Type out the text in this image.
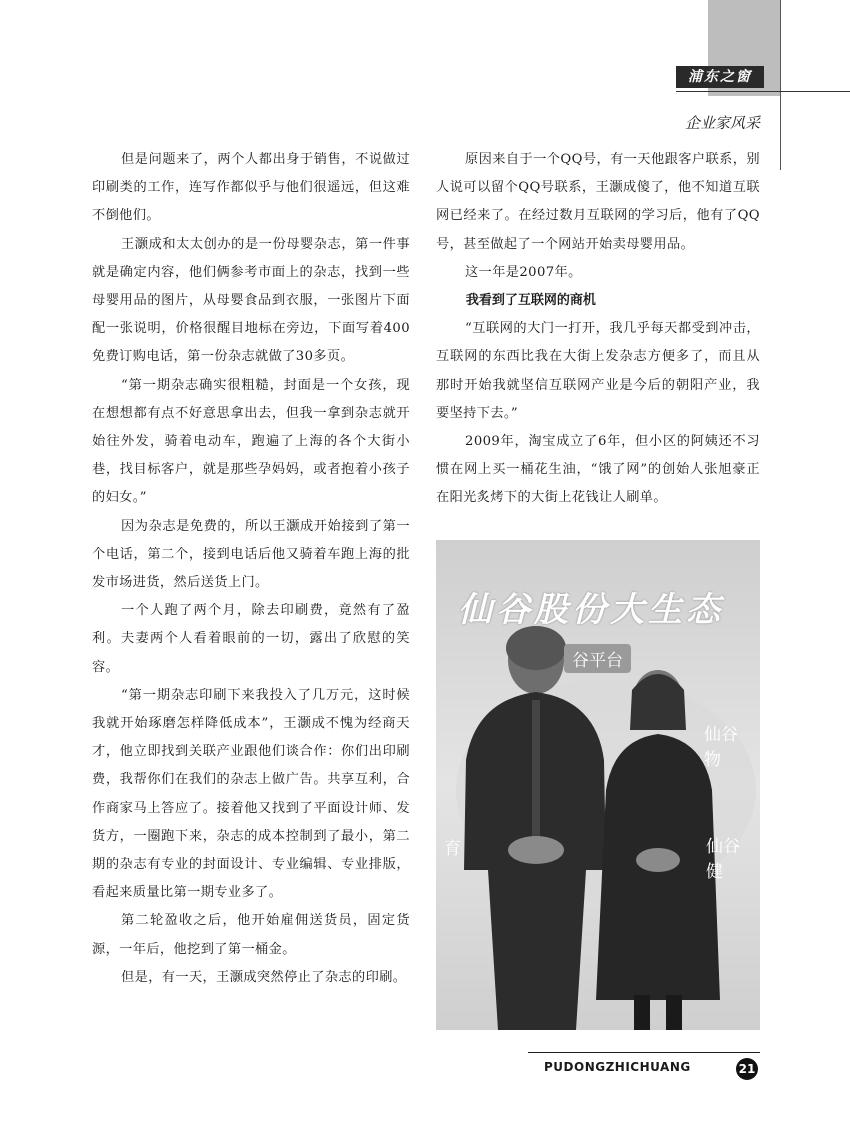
浦东之窗
企业家风采

但是问题来了，两个人都出身于销售，不说做过印刷类的工作，连写作都似乎与他们很遥远，但这难不倒他们。

王灏成和太太创办的是一份母婴杂志，第一件事就是确定内容，他们俩参考市面上的杂志，找到一些母婴用品的图片，从母婴食品到衣服，一张图片下面配一张说明，价格很醒目地标在旁边，下面写着400免费订购电话，第一份杂志就做了30多页。

“第一期杂志确实很粗糙，封面是一个女孩，现在想想都有点不好意思拿出去，但我一拿到杂志就开始往外发，骑着电动车，跑遍了上海的各个大街小巷，找目标客户，就是那些孕妈妈，或者抱着小孩子的妇女。”

因为杂志是免费的，所以王灏成开始接到了第一个电话，第二个，接到电话后他又骑着车跑上海的批发市场进货，然后送货上门。

一个人跑了两个月，除去印刷费，竟然有了盈利。夫妻两个人看着眼前的一切，露出了欣慰的笑容。

“第一期杂志印刷下来我投入了几万元，这时候我就开始琢磨怎样降低成本”，王灏成不愧为经商天才，他立即找到关联产业跟他们谈合作：你们出印刷费，我帮你们在我们的杂志上做广告。共享互利，合作商家马上答应了。接着他又找到了平面设计师、发货方，一圈跑下来，杂志的成本控制到了最小，第二期的杂志有专业的封面设计、专业编辑、专业排版，看起来质量比第一期专业多了。

第二轮盈收之后，他开始雇佣送货员，固定货源，一年后，他挖到了第一桶金。

但是，有一天，王灏成突然停止了杂志的印刷。

原因来自于一个QQ号，有一天他跟客户联系，别人说可以留个QQ号联系，王灏成傻了，他不知道互联网已经来了。在经过数月互联网的学习后，他有了QQ号，甚至做起了一个网站开始卖母婴用品。

这一年是2007年。

我看到了互联网的商机

“互联网的大门一打开，我几乎每天都受到冲击，互联网的东西比我在大街上发杂志方便多了，而且从那时开始我就坚信互联网产业是今后的朝阳产业，我要坚持下去。”

2009年，淘宝成立了6年，但小区的阿姨还不习惯在网上买一桶花生油，“饿了网”的创始人张旭豪正在阳光炙烤下的大街上花钱让人刷单。

仙谷股份大生态
谷平台
仙谷物
仙谷健
育
PUDONGZHICHUANG	21
